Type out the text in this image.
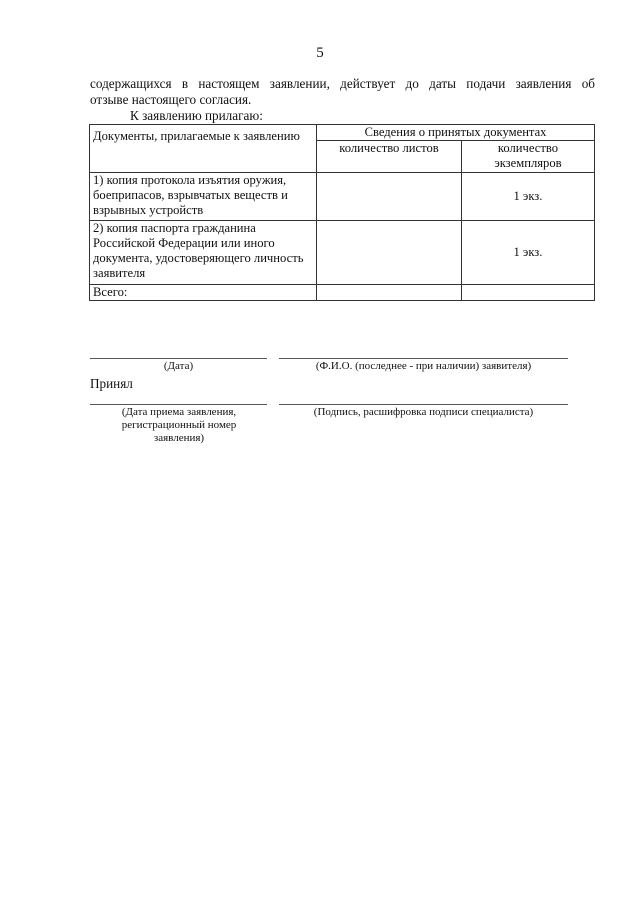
5
содержащихся в настоящем заявлении, действует до даты подачи заявления об
отзыве настоящего согласия.
К заявлению прилагаю:
Документы, прилагаемые к заявлению	Сведения о принятых документах	
	количество листов	количество экземпляров
1) копия протокола изъятия оружия, боеприпасов, взрывчатых веществ и взрывных устройств		1 экз.
2) копия паспорта гражданина Российской Федерации или иного документа, удостоверяющего личность заявителя		1 экз.
Всего:		
(Дата)	(Ф.И.О. (последнее - при наличии) заявителя)
Принял
(Дата приема заявления, регистрационный номер заявления)
(Подпись, расшифровка подписи специалиста)
